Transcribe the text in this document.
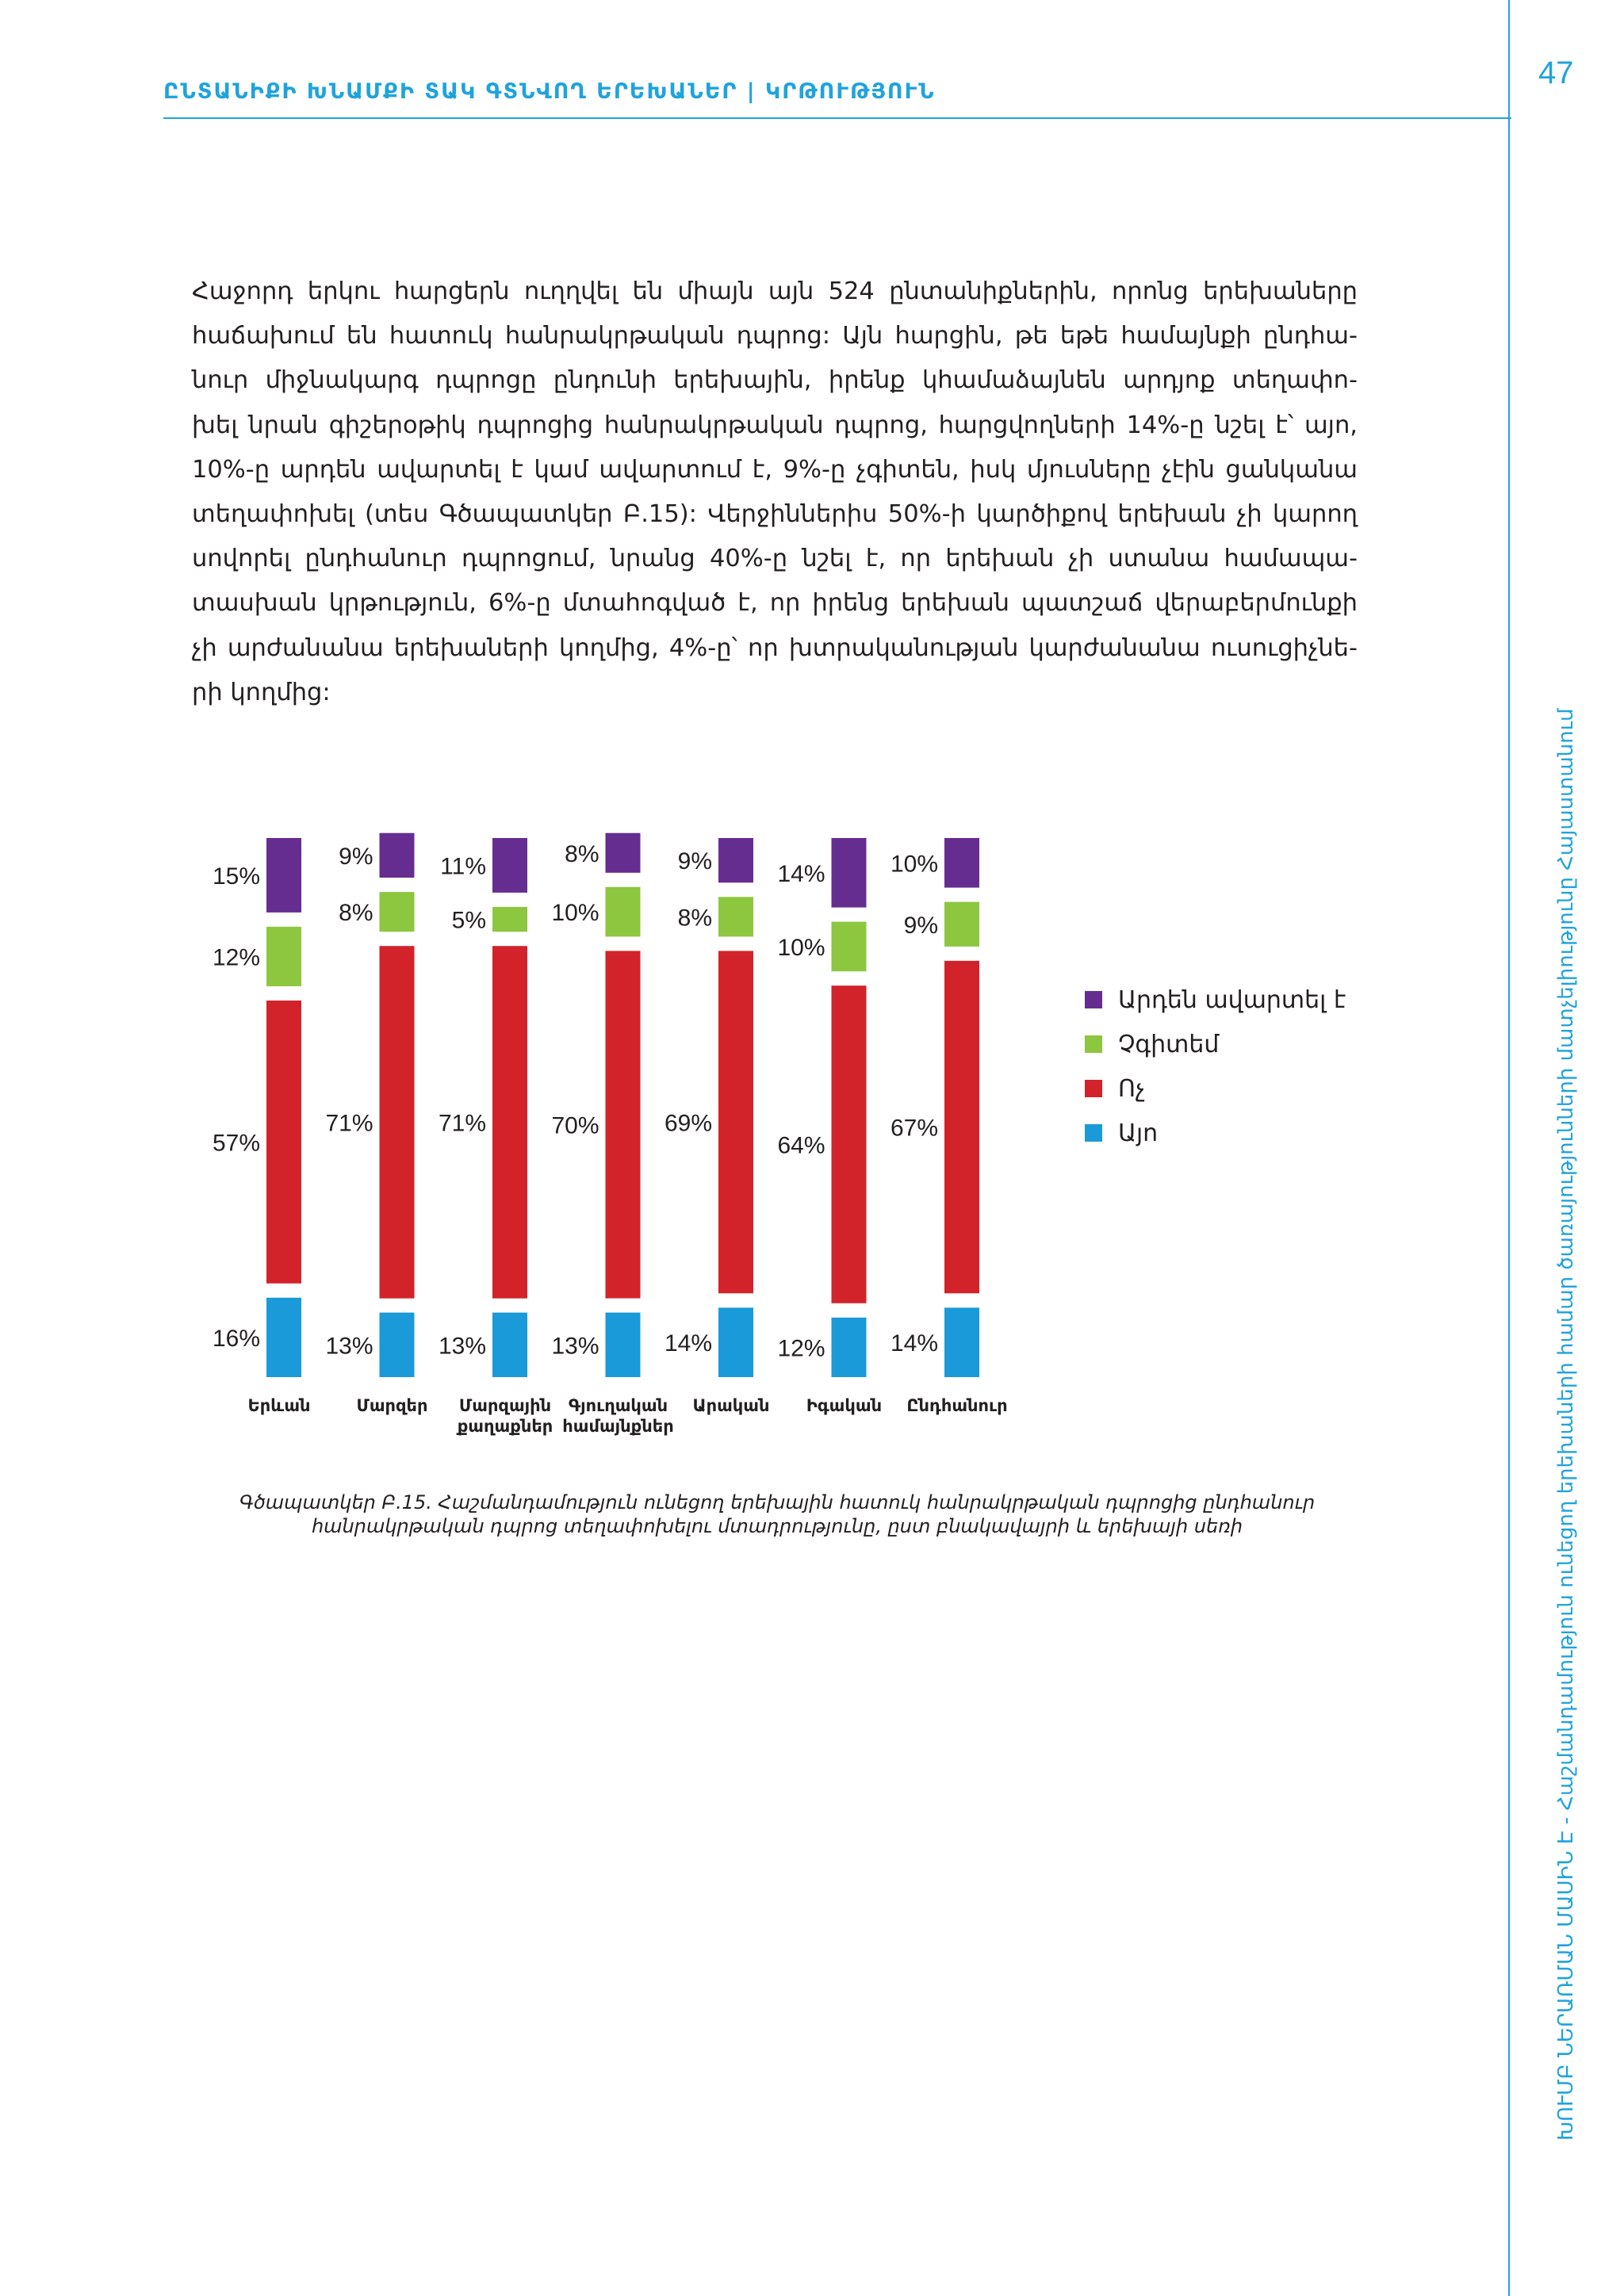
ԸՆՏԱՆԻՔԻ ԽՆԱՄՔԻ ՏԱԿ ԳՏՆՎՈՂ ԵՐԵԽԱՆԵՐ | ԿՐԹՈՒԹՅՈՒՆ
47
ԽՈՒՄԲ ՆԵՐԱՌՄԱՆ ՄԱՍԻՆ Է - Հաշմանդամություն ունեցող երեխաների համար ծառայությունների մատչելիությունը Հայաստանում
Հաջորդ երկու հարցերն ուղղվել են միայն այն 524 ընտանիքներին, որոնց երեխաները
հաճախում են հատուկ հանրակրթական դպրոց: Այն հարցին, թե եթե համայնքի ընդհա-
նուր միջնակարգ դպրոցը ընդունի երեխային, իրենք կհամաձայնեն արդյոք տեղափո-
խել նրան գիշերօթիկ դպրոցից հանրակրթական դպրոց, հարցվողների 14%-ը նշել է՝ այո,
10%-ը արդեն ավարտել է կամ ավարտում է, 9%-ը չգիտեն, իսկ մյուսները չէին ցանկանա
տեղափոխել (տես Գծապատկեր Բ.15): Վերջիններիս 50%-ի կարծիքով երեխան չի կարող
սովորել ընդհանուր դպրոցում, նրանց 40%-ը նշել է, որ երեխան չի ստանա համապա-
տասխան կրթություն, 6%-ը մտահոգված է, որ իրենց երեխան պատշաճ վերաբերմունքի
չի արժանանա երեխաների կողմից, 4%-ը՝ որ խտրականության կարժանանա ուսուցիչնե-
րի կողմից:
16%
57%
12%
15%
Երևան
13%
71%
8%
9%
Մարզեր
13%
71%
5%
11%
Մարզային
քաղաքներ
13%
70%
10%
8%
Գյուղական
համայնքներ
14%
69%
8%
9%
Արական
12%
64%
10%
14%
Իգական
14%
67%
9%
10%
Ընդհանուր
Արդեն ավարտել է
Չգիտեմ
Ոչ
Այո
Գծապատկեր Բ.15. Հաշմանդամություն ունեցող երեխային հատուկ հանրակրթական դպրոցից ընդհանուր հանրակրթական դպրոց տեղափոխելու մտադրությունը, ըստ բնակավայրի և երեխայի սեռի
